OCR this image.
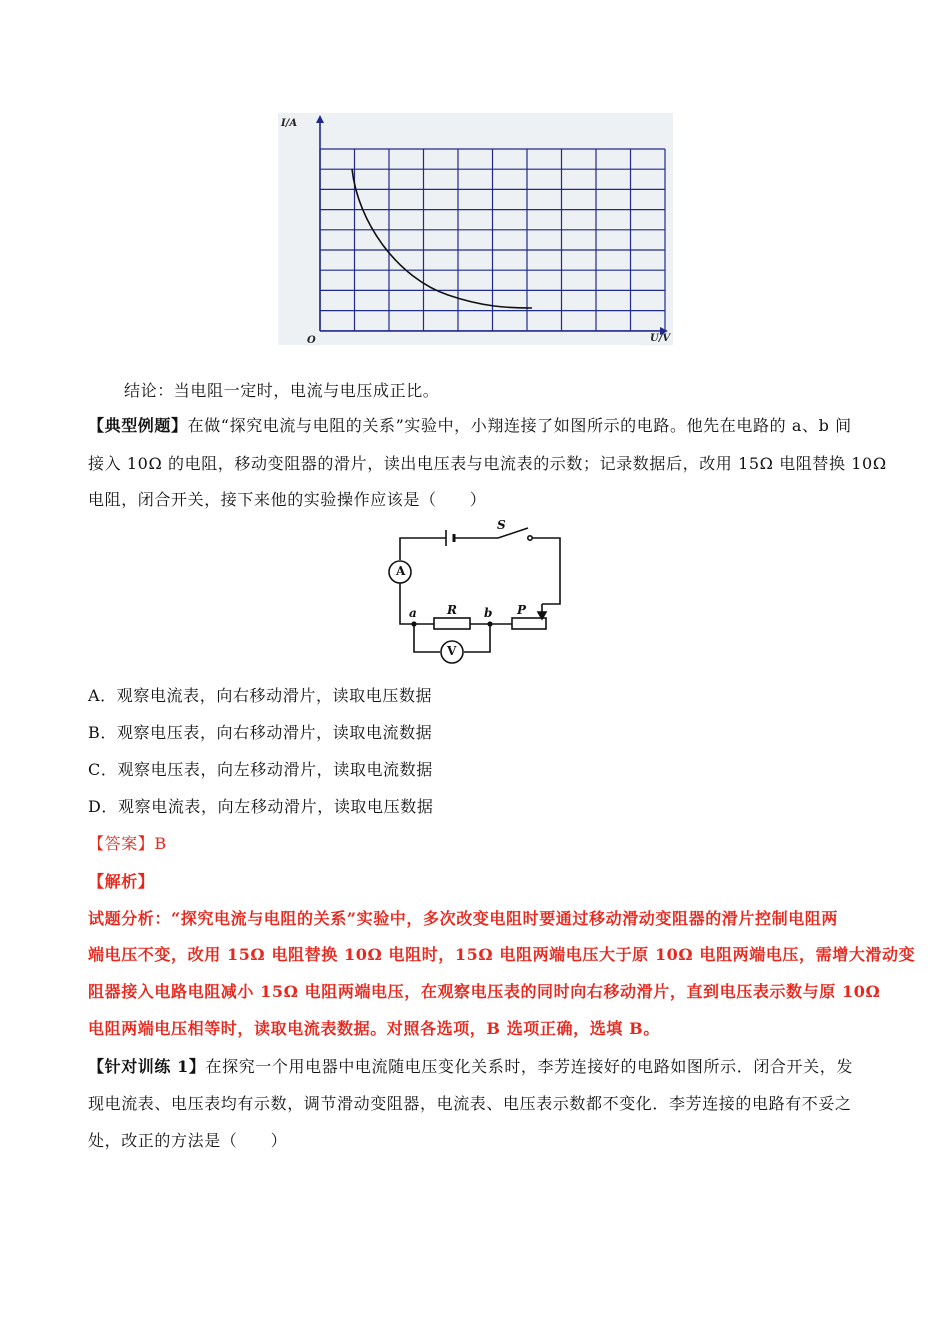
I/A
U/V
O
结论：当电阻一定时，电流与电压成正比。
【典型例题】在做“探究电流与电阻的关系”实验中，小翔连接了如图所示的电路。他先在电路的 a、b 间
接入 10Ω 的电阻，移动变阻器的滑片，读出电压表与电流表的示数；记录数据后，改用 15Ω 电阻替换 10Ω
电阻，闭合开关，接下来他的实验操作应该是（　　）
S
A
V
R	P
a	b
A．观察电流表，向右移动滑片，读取电压数据
B．观察电压表，向右移动滑片，读取电流数据
C．观察电压表，向左移动滑片，读取电流数据
D．观察电流表，向左移动滑片，读取电压数据
【答案】B
【解析】
试题分析：“探究电流与电阻的关系”实验中，多次改变电阻时要通过移动滑动变阻器的滑片控制电阻两
端电压不变，改用 15Ω 电阻替换 10Ω 电阻时，15Ω 电阻两端电压大于原 10Ω 电阻两端电压，需增大滑动变
阻器接入电路电阻减小 15Ω 电阻两端电压，在观察电压表的同时向右移动滑片，直到电压表示数与原 10Ω
电阻两端电压相等时，读取电流表数据。对照各选项，B 选项正确，选填 B。
【针对训练 1】在探究一个用电器中电流随电压变化关系时，李芳连接好的电路如图所示．闭合开关，发
现电流表、电压表均有示数，调节滑动变阻器，电流表、电压表示数都不变化．李芳连接的电路有不妥之
处，改正的方法是（　　）
